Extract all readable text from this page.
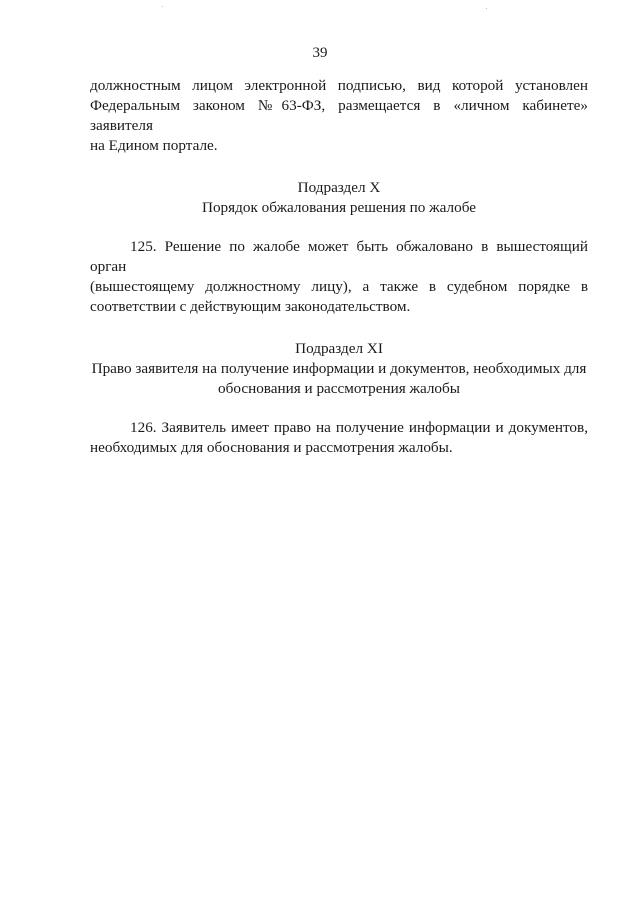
39

должностным лицом электронной подписью, вид которой установлен
Федеральным законом №63-ФЗ, размещается в «личном кабинете» заявителя
на Едином портале.

Подраздел X
Порядок обжалования решения по жалобе

125. Решение по жалобе может быть обжаловано в вышестоящий орган
(вышестоящему должностному лицу), а также в судебном порядке в
соответствии с действующим законодательством.

Подраздел XI
Право заявителя на получение информации и документов, необходимых для
обоснования и рассмотрения жалобы

126. Заявитель имеет право на получение информации и документов,
необходимых для обоснования и рассмотрения жалобы.
